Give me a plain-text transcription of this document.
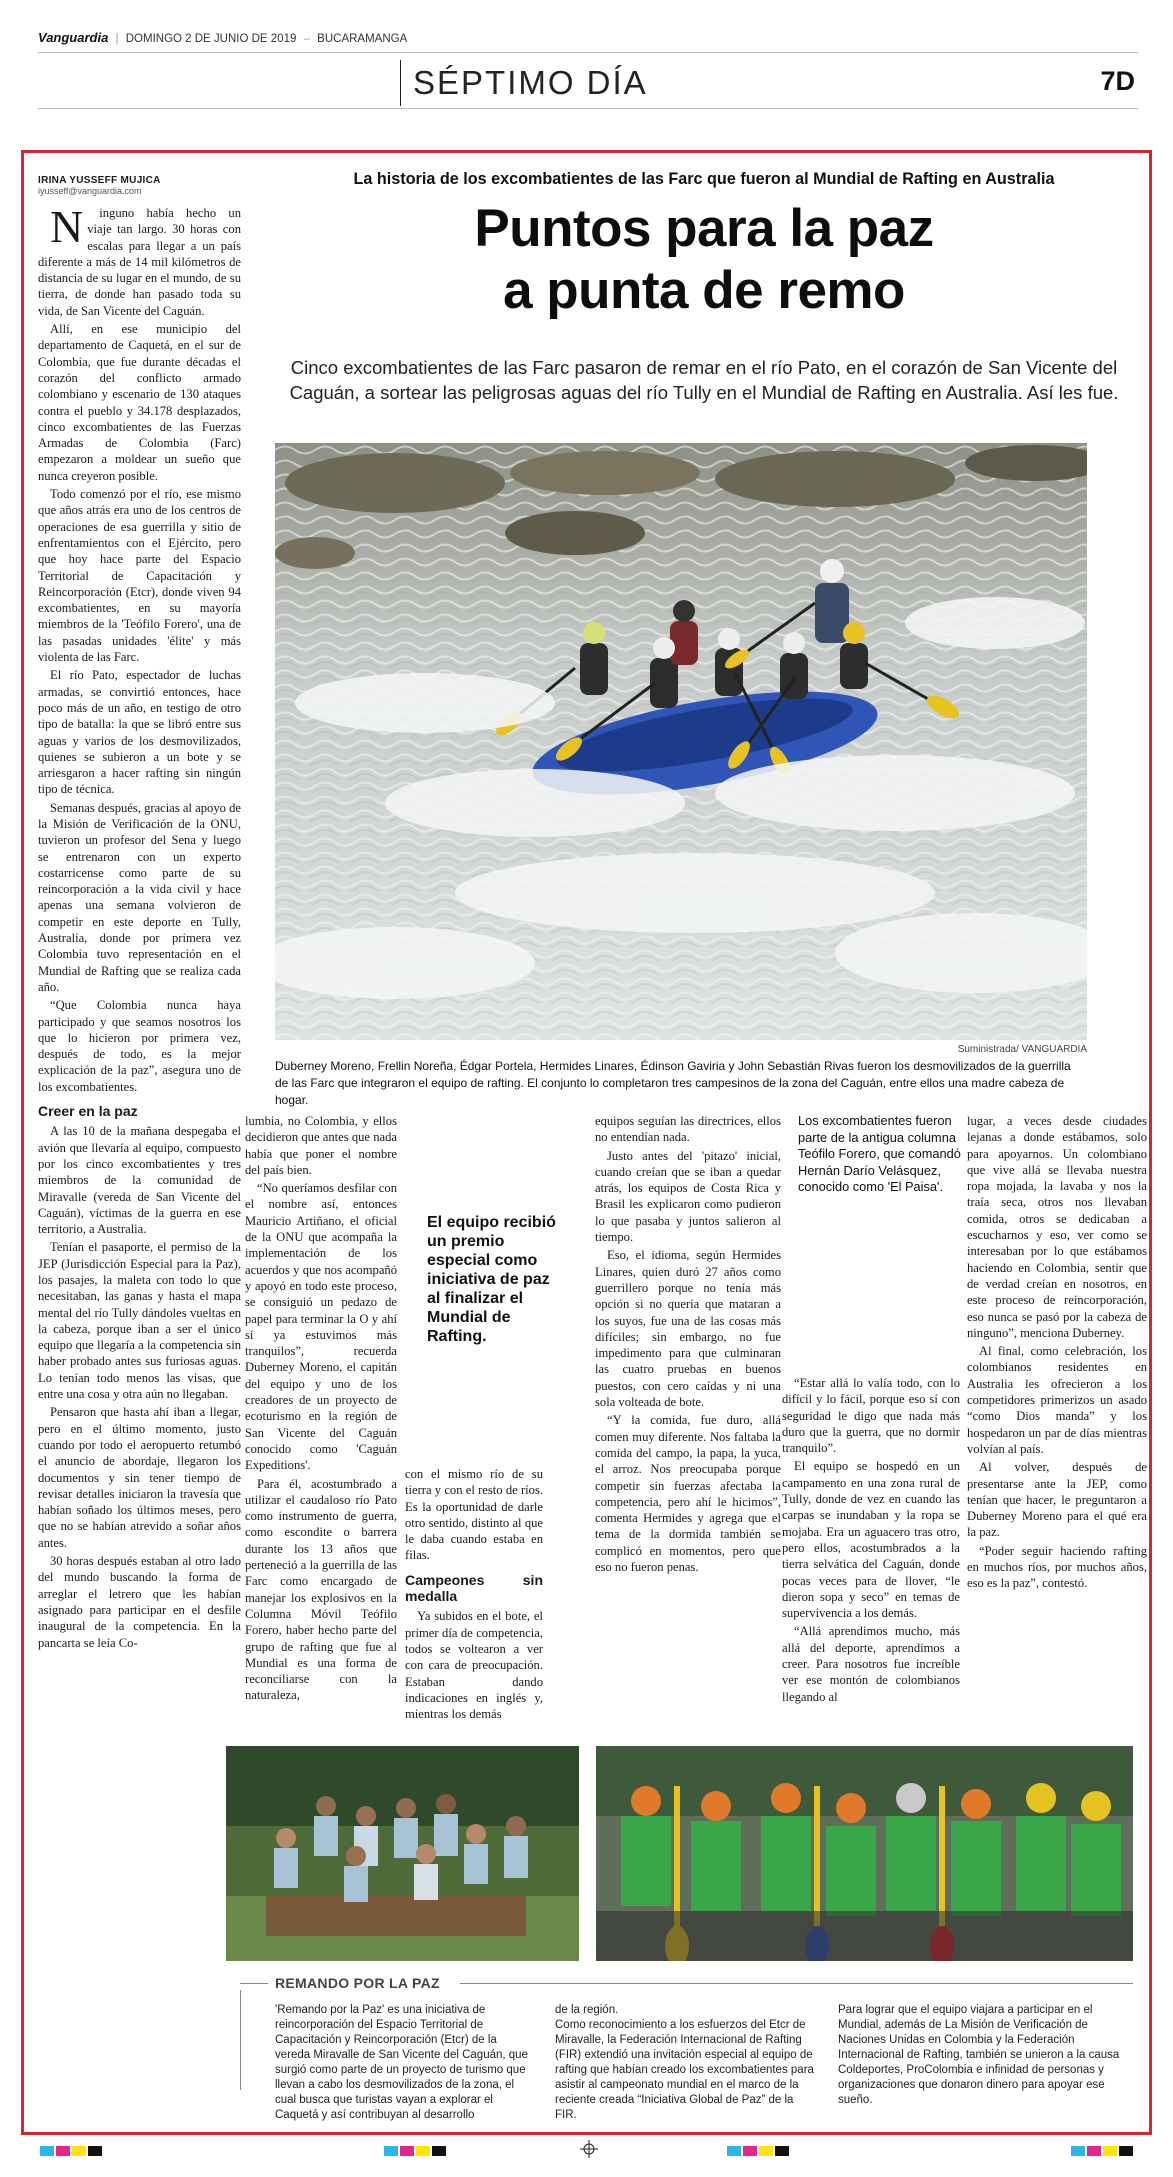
Vanguardia | DOMINGO 2 DE JUNIO DE 2019 – BUCARAMANGA
SÉPTIMO DÍA	7D
IRINA YUSSEFF MUJICA
iyusseff@vanguardia.com

Ninguno había hecho un viaje tan largo. 30 horas con escalas para llegar a un país diferente a más de 14 mil kilómetros de distancia de su lugar en el mundo, de su tierra, de donde han pasado toda su vida, de San Vicente del Caguán.

Allí, en ese municipio del departamento de Caquetá, en el sur de Colombia, que fue durante décadas el corazón del conflicto armado colombiano y escenario de 130 ataques contra el pueblo y 34.178 desplazados, cinco excombatientes de las Fuerzas Armadas de Colombia (Farc) empezaron a moldear un sueño que nunca creyeron posible.

Todo comenzó por el río, ese mismo que años atrás era uno de los centros de operaciones de esa guerrilla y sitio de enfrentamientos con el Ejército, pero que hoy hace parte del Espacio Territorial de Capacitación y Reincorporación (Etcr), donde viven 94 excombatientes, en su mayoría miembros de la 'Teófilo Forero', una de las pasadas unidades 'élite' y más violenta de las Farc.

El río Pato, espectador de luchas armadas, se convirtió entonces, hace poco más de un año, en testigo de otro tipo de batalla: la que se libró entre sus aguas y varios de los desmovilizados, quienes se subieron a un bote y se arriesgaron a hacer rafting sin ningún tipo de técnica.

Semanas después, gracias al apoyo de la Misión de Verificación de la ONU, tuvieron un profesor del Sena y luego se entrenaron con un experto costarricense como parte de su reincorporación a la vida civil y hace apenas una semana volvieron de competir en este deporte en Tully, Australia, donde por primera vez Colombia tuvo representación en el Mundial de Rafting que se realiza cada año.

“Que Colombia nunca haya participado y que seamos nosotros los que lo hicieron por primera vez, después de todo, es la mejor explicación de la paz”, asegura uno de los excombatientes.

Creer en la paz

A las 10 de la mañana despegaba el avión que llevaría al equipo, compuesto por los cinco excombatientes y tres miembros de la comunidad de Miravalle (vereda de San Vicente del Caguán), víctimas de la guerra en ese territorio, a Australia.

Tenían el pasaporte, el permiso de la JEP (Jurisdicción Especial para la Paz), los pasajes, la maleta con todo lo que necesitaban, las ganas y hasta el mapa mental del río Tully dándoles vueltas en la cabeza, porque iban a ser el único equipo que llegaría a la competencia sin haber probado antes sus furiosas aguas. Lo tenían todo menos las visas, que entre una cosa y otra aún no llegaban.

Pensaron que hasta ahí iban a llegar, pero en el último momento, justo cuando por todo el aeropuerto retumbó el anuncio de abordaje, llegaron los documentos y sin tener tiempo de revisar detalles iniciaron la travesía que habían soñado los últimos meses, pero que no se habían atrevido a soñar años antes.

30 horas después estaban al otro lado del mundo buscando la forma de arreglar el letrero que les habían asignado para participar en el desfile inaugural de la competencia. En la pancarta se leía Co-

La historia de los excombatientes de las Farc que fueron al Mundial de Rafting en Australia
Puntos para la paz
a punta de remo
Cinco excombatientes de las Farc pasaron de remar en el río Pato, en el corazón de San Vicente del Caguán, a sortear las peligrosas aguas del río Tully en el Mundial de Rafting en Australia. Así les fue.
Suministrada/ VANGUARDIA
Duberney Moreno, Frellin Noreña, Édgar Portela, Hermides Linares, Édinson Gaviria y John Sebastián Rivas fueron los desmovilizados de la guerrilla de las Farc que integraron el equipo de rafting. El conjunto lo completaron tres campesinos de la zona del Caguán, entre ellos una madre cabeza de hogar.

lumbia, no Colombia, y ellos decidieron que antes que nada había que poner el nombre del país bien.

“No queríamos desfilar con el nombre así, entonces Mauricio Artiñano, el oficial de la ONU que acompaña la implementación de los acuerdos y que nos acompañó y apoyó en todo este proceso, se consiguió un pedazo de papel para terminar la O y ahí sí ya estuvimos más tranquilos”, recuerda Duberney Moreno, el capitán del equipo y uno de los creadores de un proyecto de ecoturismo en la región de San Vicente del Caguán conocido como 'Caguán Expeditions'.

Para él, acostumbrado a utilizar el caudaloso río Pato como instrumento de guerra, como escondite o barrera durante los 13 años que perteneció a la guerrilla de las Farc como encargado de manejar los explosivos en la Columna Móvil Teófilo Forero, haber hecho parte del grupo de rafting que fue al Mundial es una forma de reconciliarse con la naturaleza,

El equipo recibió un premio especial como iniciativa de paz al finalizar el Mundial de Rafting.

con el mismo río de su tierra y con el resto de ríos. Es la oportunidad de darle otro sentido, distinto al que le daba cuando estaba en filas.

Campeones sin medalla

Ya subidos en el bote, el primer día de competencia, todos se voltearon a ver con cara de preocupación. Estaban dando indicaciones en inglés y, mientras los demás

equipos seguían las directrices, ellos no entendían nada.

Justo antes del 'pitazo' inicial, cuando creían que se iban a quedar atrás, los equipos de Costa Rica y Brasil les explicaron como pudieron lo que pasaba y juntos salieron al tiempo.

Eso, el idioma, según Hermides Linares, quien duró 27 años como guerrillero porque no tenía más opción si no quería que mataran a los suyos, fue una de las cosas más difíciles; sin embargo, no fue impedimento para que culminaran las cuatro pruebas en buenos puestos, con cero caídas y ni una sola volteada de bote.

“Y la comida, fue duro, allá comen muy diferente. Nos faltaba la comida del campo, la papa, la yuca, el arroz. Nos preocupaba porque competir sin fuerzas afectaba la competencia, pero ahí le hicimos”, comenta Hermides y agrega que el tema de la dormida también se complicó en momentos, pero que eso no fueron penas.

Los excombatientes fueron parte de la antigua columna Teófilo Forero, que comandó Hernán Darío Velásquez, conocido como 'El Paisa'.

“Estar allá lo valía todo, con lo difícil y lo fácil, porque eso sí con seguridad le digo que nada más duro que la guerra, que no dormir tranquilo”.

El equipo se hospedó en un campamento en una zona rural de Tully, donde de vez en cuando las carpas se inundaban y la ropa se mojaba. Era un aguacero tras otro, pero ellos, acostumbrados a la tierra selvática del Caguán, donde pocas veces para de llover, “le dieron sopa y seco” en temas de supervivencia a los demás.

“Allá aprendimos mucho, más allá del deporte, aprendimos a creer. Para nosotros fue increíble ver ese montón de colombianos llegando al

lugar, a veces desde ciudades lejanas a donde estábamos, solo para apoyarnos. Un colombiano que vive allá se llevaba nuestra ropa mojada, la lavaba y nos la traía seca, otros nos llevaban comida, otros se dedicaban a escucharnos y eso, ver como se interesaban por lo que estábamos haciendo en Colombia, sentir que de verdad creían en nosotros, en este proceso de reincorporación, eso nunca se pasó por la cabeza de ninguno”, menciona Duberney.

Al final, como celebración, los colombianos residentes en Australia les ofrecieron a los competidores primerizos un asado “como Dios manda” y los hospedaron un par de días mientras volvían al país.

Al volver, después de presentarse ante la JEP, como tenían que hacer, le preguntaron a Duberney Moreno para el qué era la paz.

“Poder seguir haciendo rafting en muchos ríos, por muchos años, eso es la paz”, contestó.

REMANDO POR LA PAZ
'Remando por la Paz' es una iniciativa de reincorporación del Espacio Territorial de Capacitación y Reincorporación (Etcr) de la vereda Miravalle de San Vicente del Caguán, que surgió como parte de un proyecto de turismo que llevan a cabo los desmovilizados de la zona, el cual busca que turistas vayan a explorar el Caquetá y así contribuyan al desarrollo
de la región.
Como reconocimiento a los esfuerzos del Etcr de Miravalle, la Federación Internacional de Rafting (FIR) extendió una invitación especial al equipo de rafting que habían creado los excombatientes para asistir al campeonato mundial en el marco de la reciente creada “Iniciativa Global de Paz” de la FIR.
Para lograr que el equipo viajara a participar en el Mundial, además de La Misión de Verificación de Naciones Unidas en Colombia y la Federación Internacional de Rafting, también se unieron a la causa Coldeportes, ProColombia e infinidad de personas y organizaciones que donaron dinero para apoyar ese sueño.
